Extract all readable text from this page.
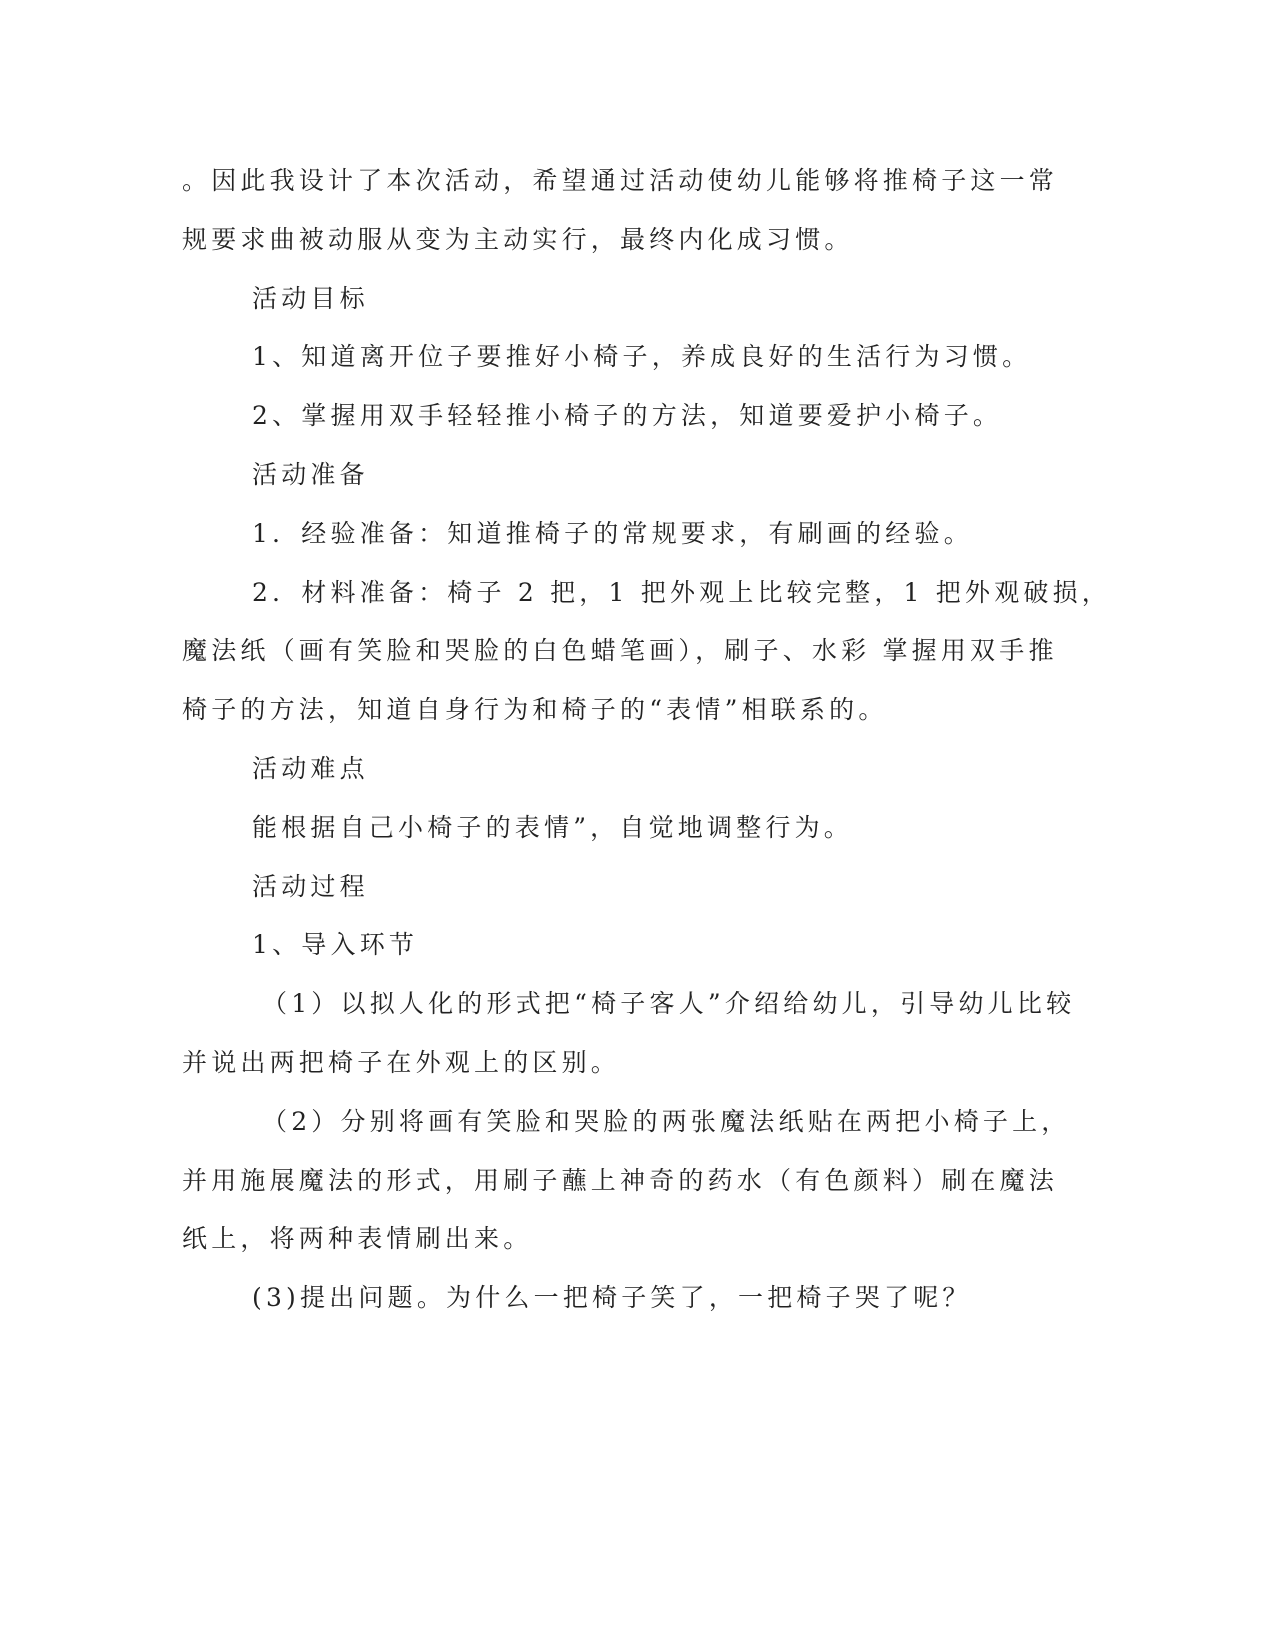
。因此我设计了本次活动，希望通过活动使幼儿能够将推椅子这一常
规要求曲被动服从变为主动实行，最终内化成习惯。
活动目标
1、知道离开位子要推好小椅子，养成良好的生活行为习惯。
2、掌握用双手轻轻推小椅子的方法，知道要爱护小椅子。
活动准备
1．经验准备：知道推椅子的常规要求，有刷画的经验。
2．材料准备：椅子 2 把，1 把外观上比较完整，1 把外观破损，
魔法纸（画有笑脸和哭脸的白色蜡笔画），刷子、水彩 掌握用双手推
椅子的方法，知道自身行为和椅子的“表情”相联系的。
活动难点
能根据自己小椅子的表情”，自觉地调整行为。
活动过程
1、导入环节
（1）以拟人化的形式把“椅子客人”介绍给幼儿，引导幼儿比较
并说出两把椅子在外观上的区别。
（2）分别将画有笑脸和哭脸的两张魔法纸贴在两把小椅子上，
并用施展魔法的形式，用刷子蘸上神奇的药水（有色颜料）刷在魔法
纸上，将两种表情刷出来。
(3)提出问题。为什么一把椅子笑了，一把椅子哭了呢？
